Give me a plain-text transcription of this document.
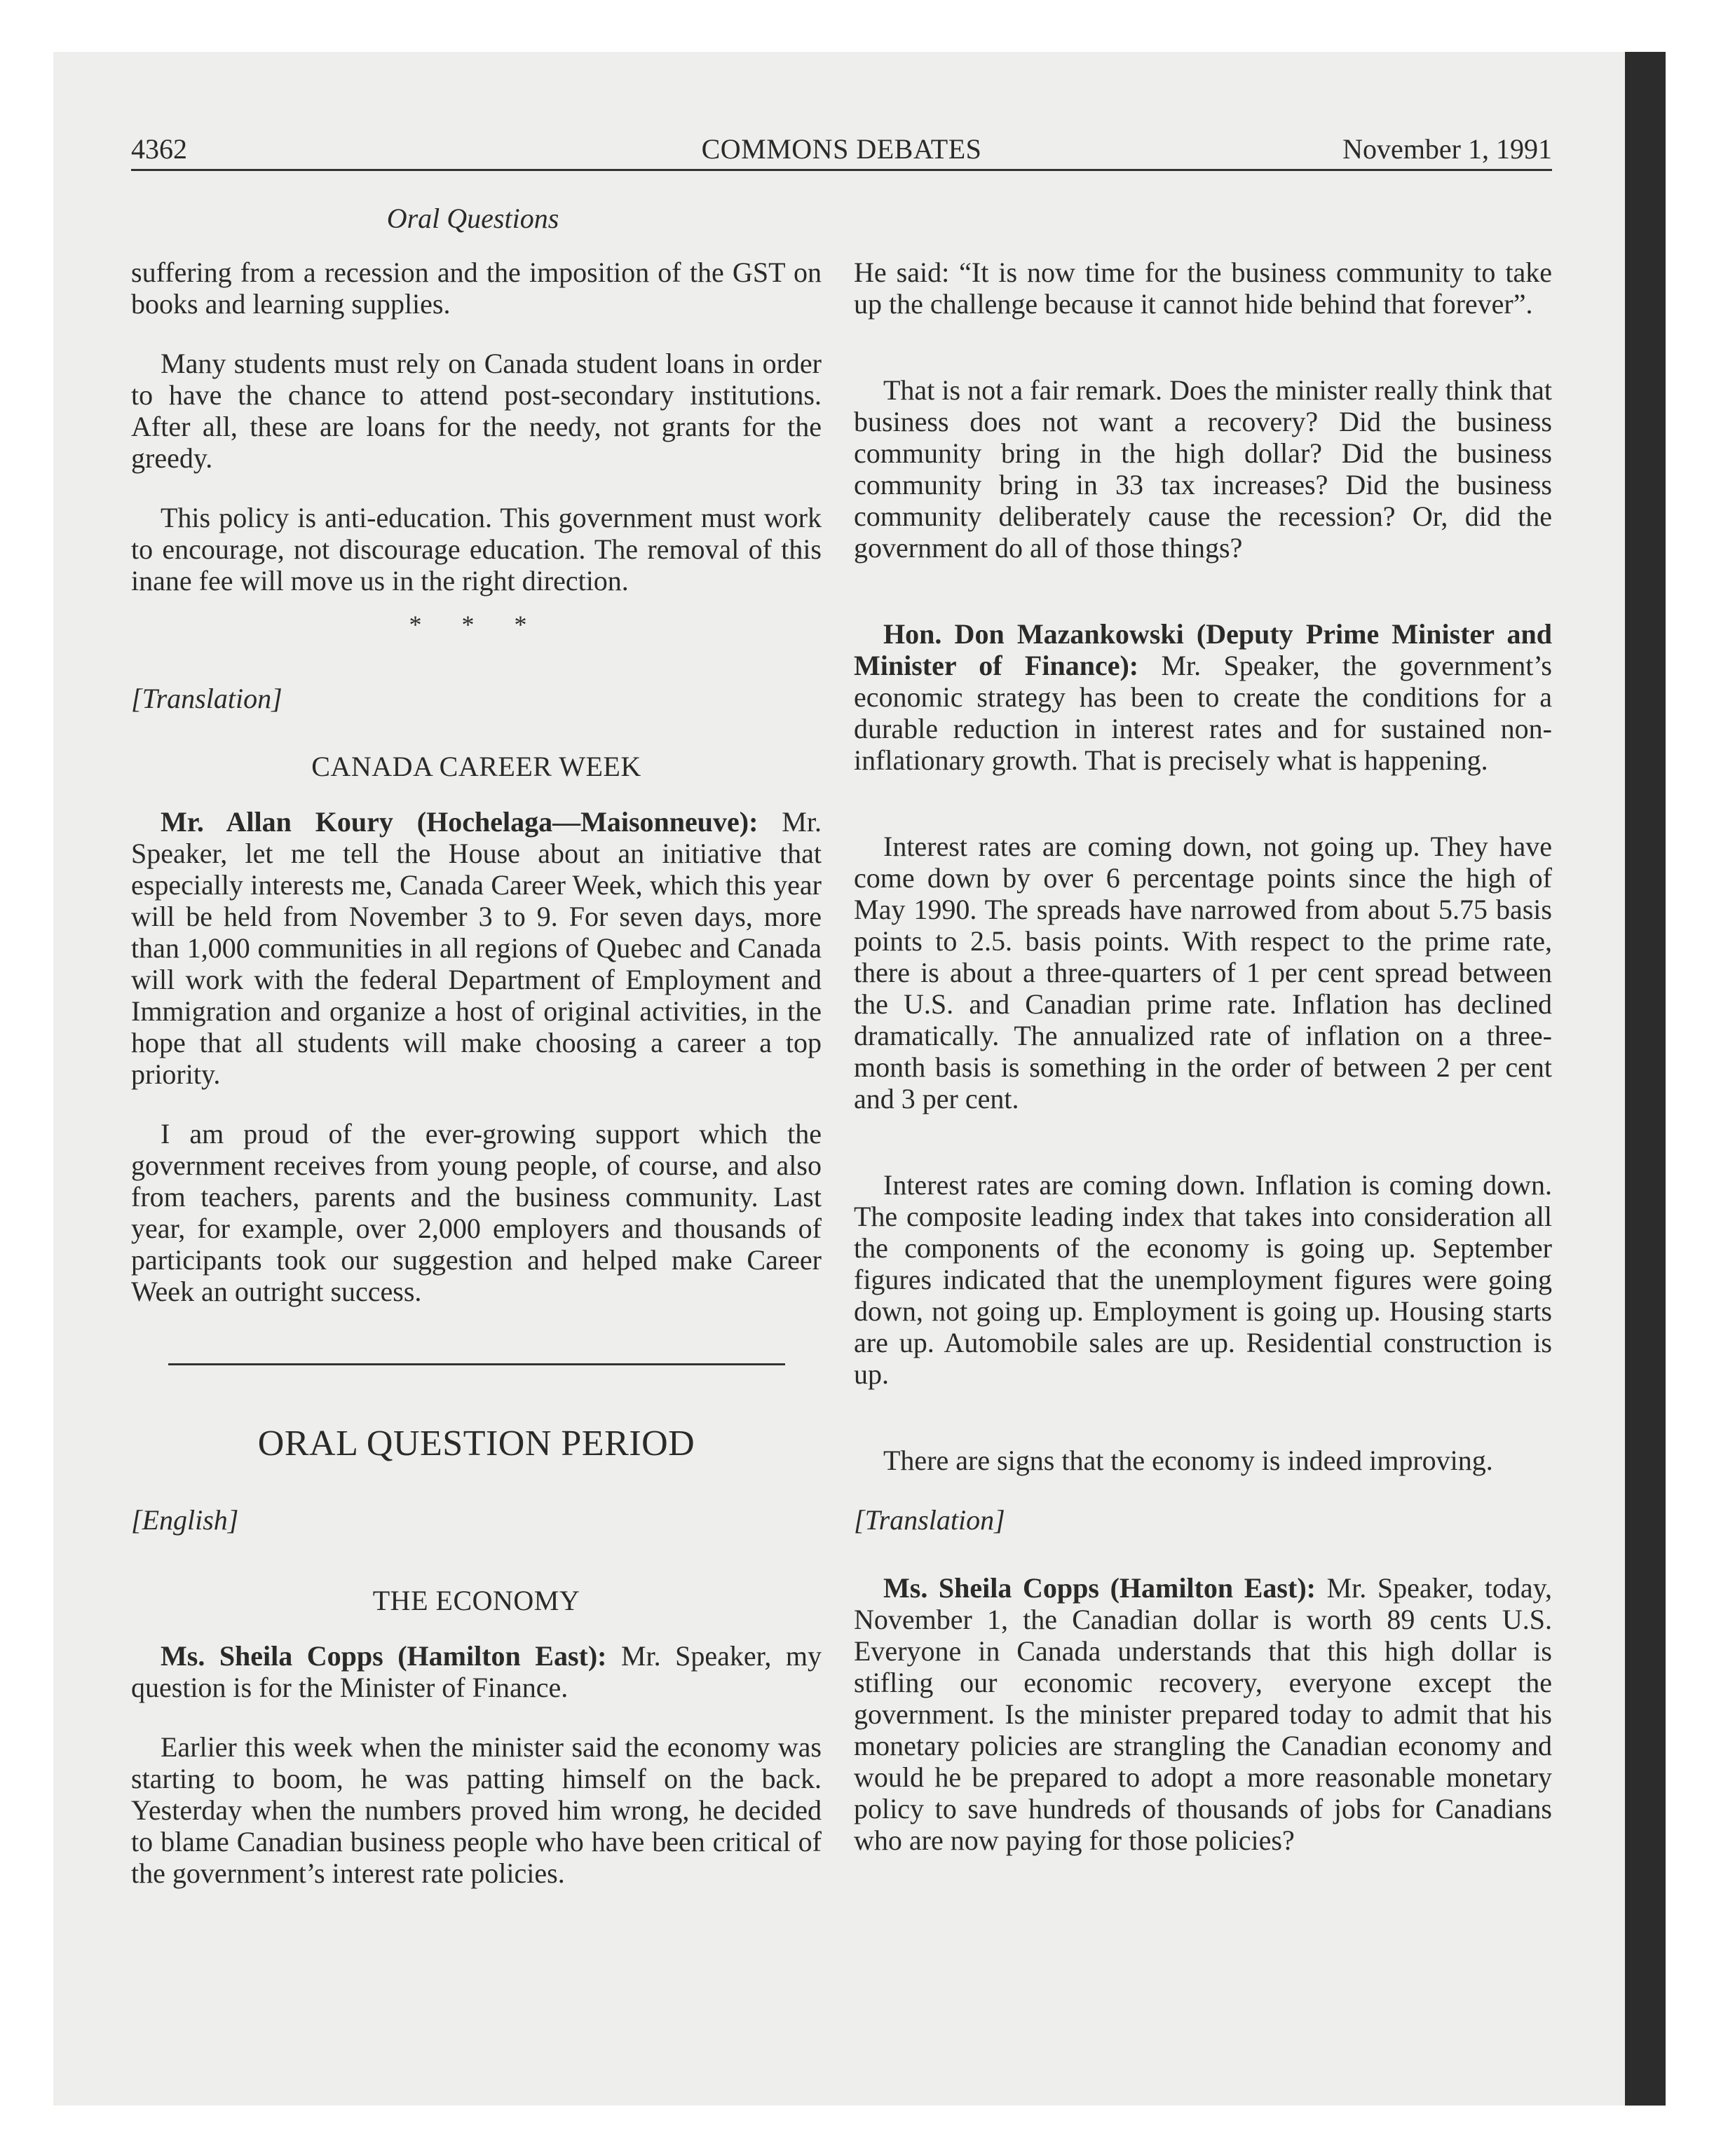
4362	COMMONS DEBATES	November 1, 1991
Oral Questions

suffering from a recession and the imposition of the GST on books and learning supplies.

Many students must rely on Canada student loans in order to have the chance to attend post-secondary institutions. After all, these are loans for the needy, not grants for the greedy.

This policy is anti-education. This government must work to encourage, not discourage education. The removal of this inane fee will move us in the right direction.

* * *
[Translation]
CANADA CAREER WEEK

Mr. Allan Koury (Hochelaga—Maisonneuve): Mr. Speaker, let me tell the House about an initiative that especially interests me, Canada Career Week, which this year will be held from November 3 to 9. For seven days, more than 1,000 communities in all regions of Quebec and Canada will work with the federal Department of Employment and Immigration and organize a host of original activities, in the hope that all students will make choosing a career a top priority.

I am proud of the ever-growing support which the government receives from young people, of course, and also from teachers, parents and the business community. Last year, for example, over 2,000 employers and thousands of participants took our suggestion and helped make Career Week an outright success.

ORAL QUESTION PERIOD
[English]
THE ECONOMY

Ms. Sheila Copps (Hamilton East): Mr. Speaker, my question is for the Minister of Finance.

Earlier this week when the minister said the economy was starting to boom, he was patting himself on the back. Yesterday when the numbers proved him wrong, he decided to blame Canadian business people who have been critical of the government’s interest rate policies.

He said: “It is now time for the business community to take up the challenge because it cannot hide behind that forever”.

That is not a fair remark. Does the minister really think that business does not want a recovery? Did the business community bring in the high dollar? Did the business community bring in 33 tax increases? Did the business community deliberately cause the recession? Or, did the government do all of those things?

Hon. Don Mazankowski (Deputy Prime Minister and Minister of Finance): Mr. Speaker, the government’s economic strategy has been to create the conditions for a durable reduction in interest rates and for sustained non-inflationary growth. That is precisely what is happening.

Interest rates are coming down, not going up. They have come down by over 6 percentage points since the high of May 1990. The spreads have narrowed from about 5.75 basis points to 2.5. basis points. With respect to the prime rate, there is about a three-quarters of 1 per cent spread between the U.S. and Canadian prime rate. Inflation has declined dramatically. The annualized rate of inflation on a three-month basis is something in the order of between 2 per cent and 3 per cent.

Interest rates are coming down. Inflation is coming down. The composite leading index that takes into consideration all the components of the economy is going up. September figures indicated that the unemployment figures were going down, not going up. Employment is going up. Housing starts are up. Automobile sales are up. Residential construction is up.

There are signs that the economy is indeed improving.

[Translation]

Ms. Sheila Copps (Hamilton East): Mr. Speaker, today, November 1, the Canadian dollar is worth 89 cents U.S. Everyone in Canada understands that this high dollar is stifling our economic recovery, everyone except the government. Is the minister prepared today to admit that his monetary policies are strangling the Canadian economy and would he be prepared to adopt a more reasonable monetary policy to save hundreds of thousands of jobs for Canadians who are now paying for those policies?
